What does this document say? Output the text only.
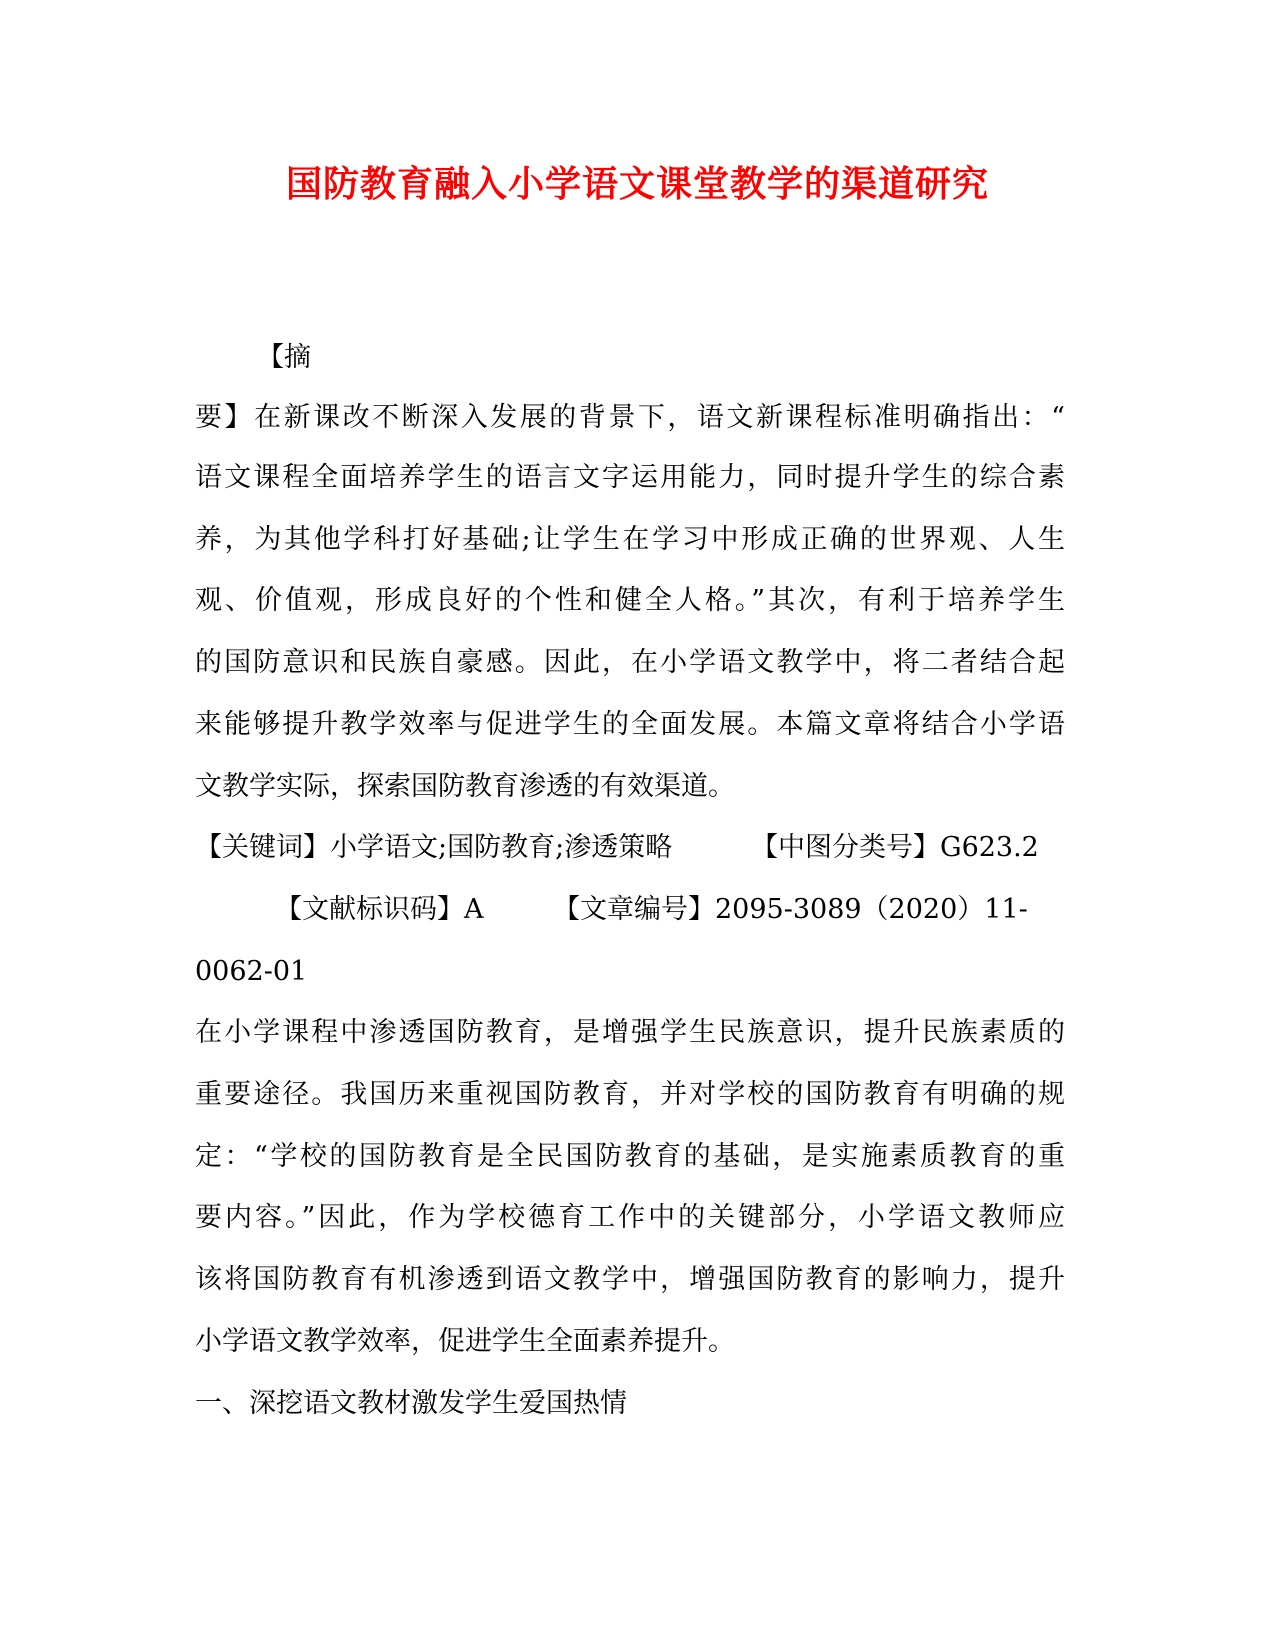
国防教育融入小学语文课堂教学的渠道研究
【摘
要】在新课改不断深入发展的背景下，语文新课程标准明确指出：“
语文课程全面培养学生的语言文字运用能力，同时提升学生的综合素
养，为其他学科打好基础;让学生在学习中形成正确的世界观、人生
观、价值观，形成良好的个性和健全人格。”其次，有利于培养学生
的国防意识和民族自豪感。因此，在小学语文教学中，将二者结合起
来能够提升教学效率与促进学生的全面发展。本篇文章将结合小学语
文教学实际，探索国防教育渗透的有效渠道。
【关键词】小学语文;国防教育;渗透策略	【中图分类号】G623.2
【文献标识码】A	【文章编号】2095-3089（2020）11-
0062-01
在小学课程中渗透国防教育，是增强学生民族意识，提升民族素质的
重要途径。我国历来重视国防教育，并对学校的国防教育有明确的规
定：“学校的国防教育是全民国防教育的基础，是实施素质教育的重
要内容。”因此，作为学校德育工作中的关键部分，小学语文教师应
该将国防教育有机渗透到语文教学中，增强国防教育的影响力，提升
小学语文教学效率，促进学生全面素养提升。
一、深挖语文教材激发学生爱国热情
